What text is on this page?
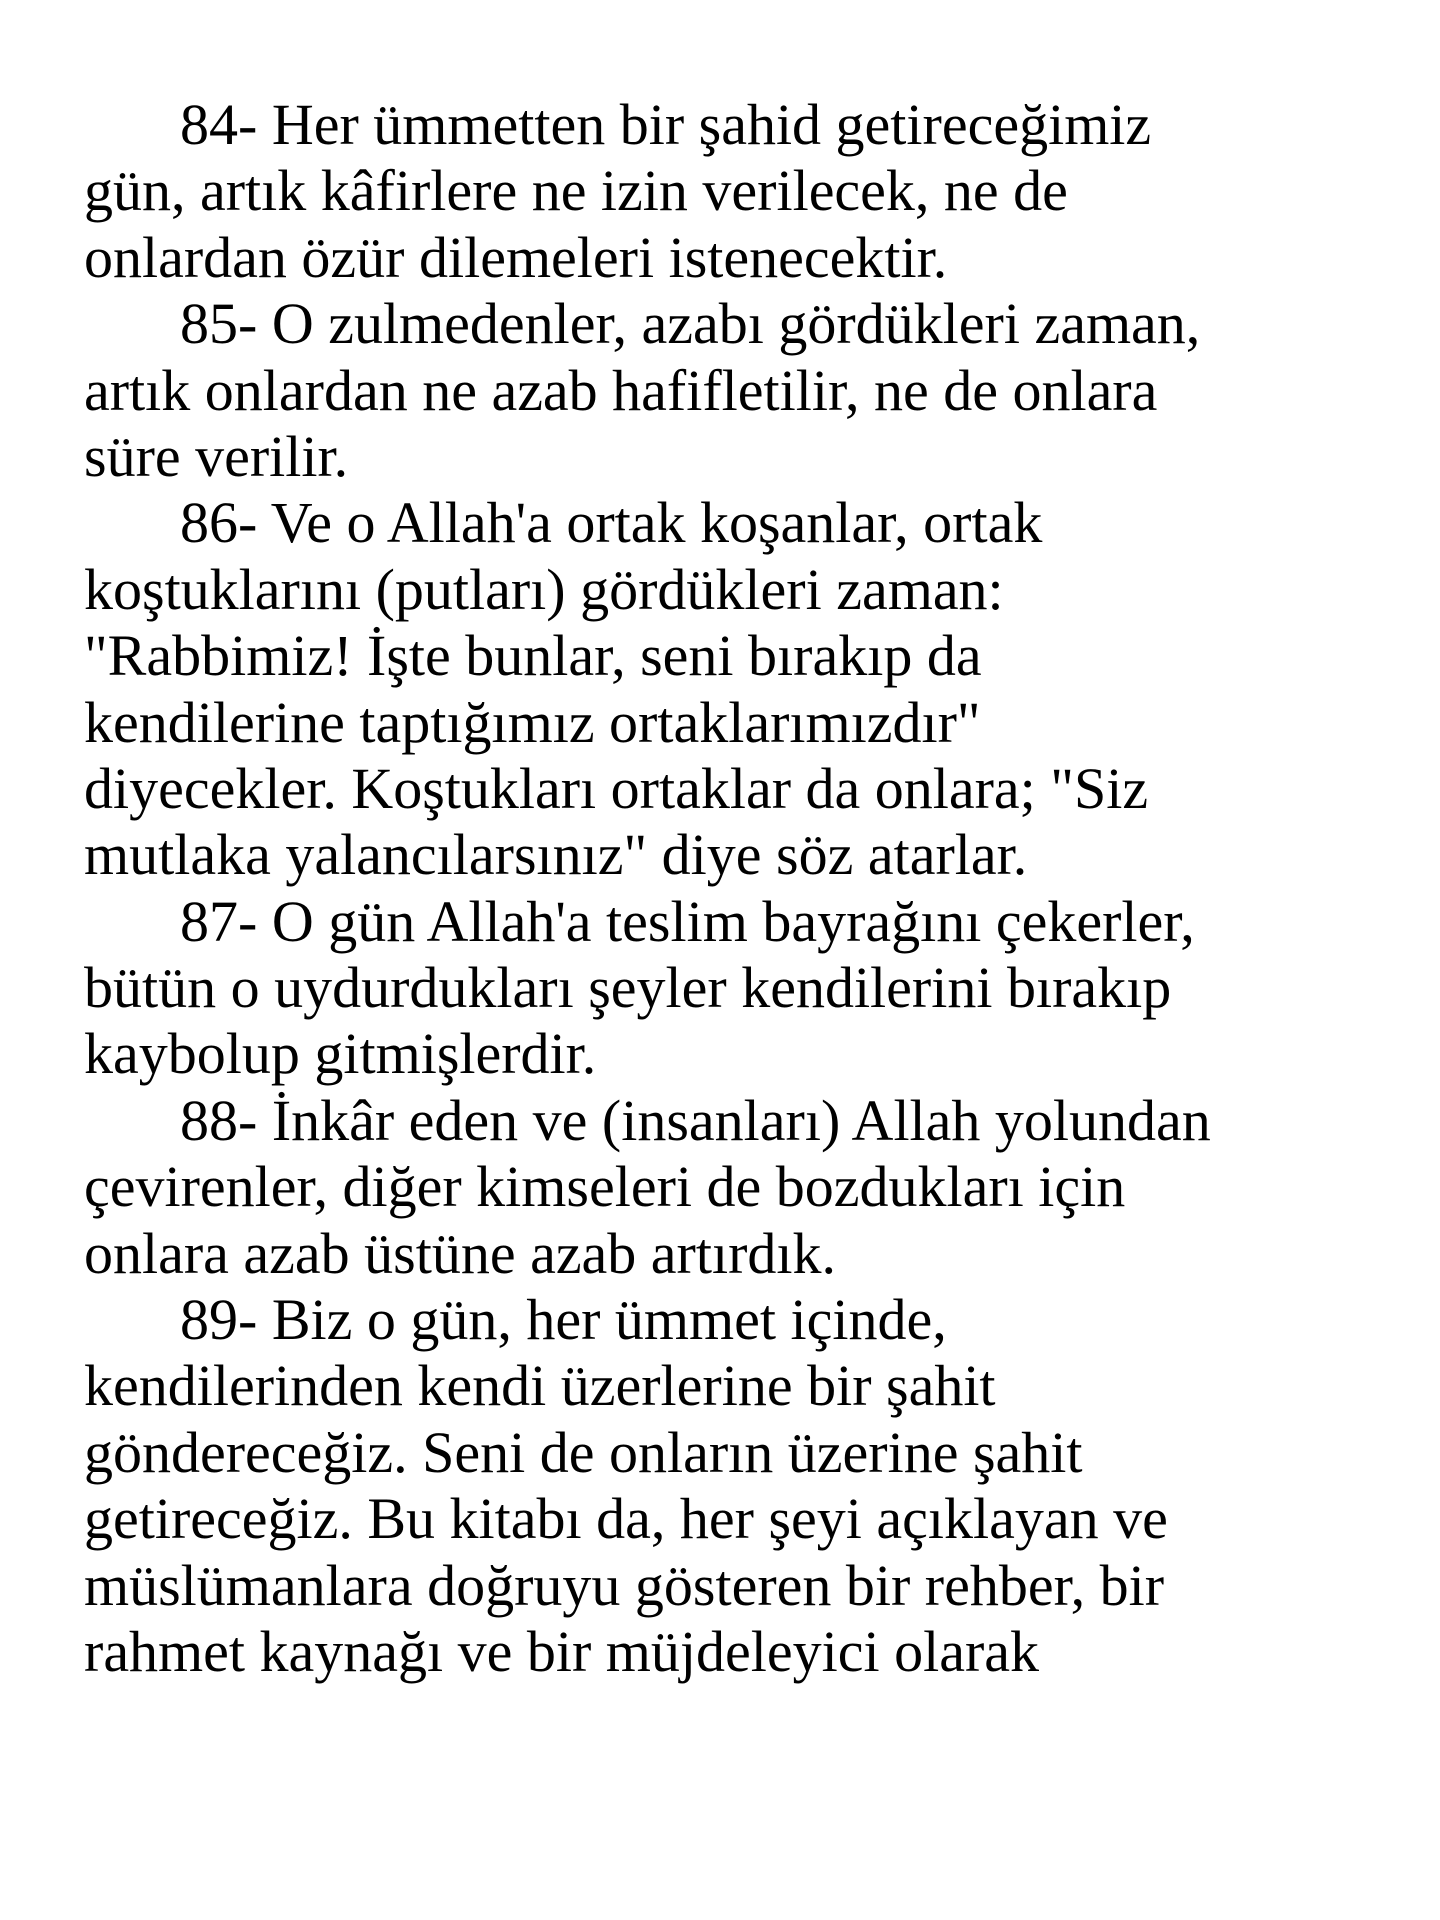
84- Her ümmetten bir şahid getireceğimiz
gün, artık kâfirlere ne izin verilecek, ne de
onlardan özür dilemeleri istenecektir.
85- O zulmedenler, azabı gördükleri zaman,
artık onlardan ne azab hafifletilir, ne de onlara
süre verilir.
86- Ve o Allah'a ortak koşanlar, ortak
koştuklarını (putları) gördükleri zaman:
"Rabbimiz! İşte bunlar, seni bırakıp da
kendilerine taptığımız ortaklarımızdır"
diyecekler. Koştukları ortaklar da onlara; "Siz
mutlaka yalancılarsınız" diye söz atarlar.
87- O gün Allah'a teslim bayrağını çekerler,
bütün o uydurdukları şeyler kendilerini bırakıp
kaybolup gitmişlerdir.
88- İnkâr eden ve (insanları) Allah yolundan
çevirenler, diğer kimseleri de bozdukları için
onlara azab üstüne azab artırdık.
89- Biz o gün, her ümmet içinde,
kendilerinden kendi üzerlerine bir şahit
göndereceğiz. Seni de onların üzerine şahit
getireceğiz. Bu kitabı da, her şeyi açıklayan ve
müslümanlara doğruyu gösteren bir rehber, bir
rahmet kaynağı ve bir müjdeleyici olarak
